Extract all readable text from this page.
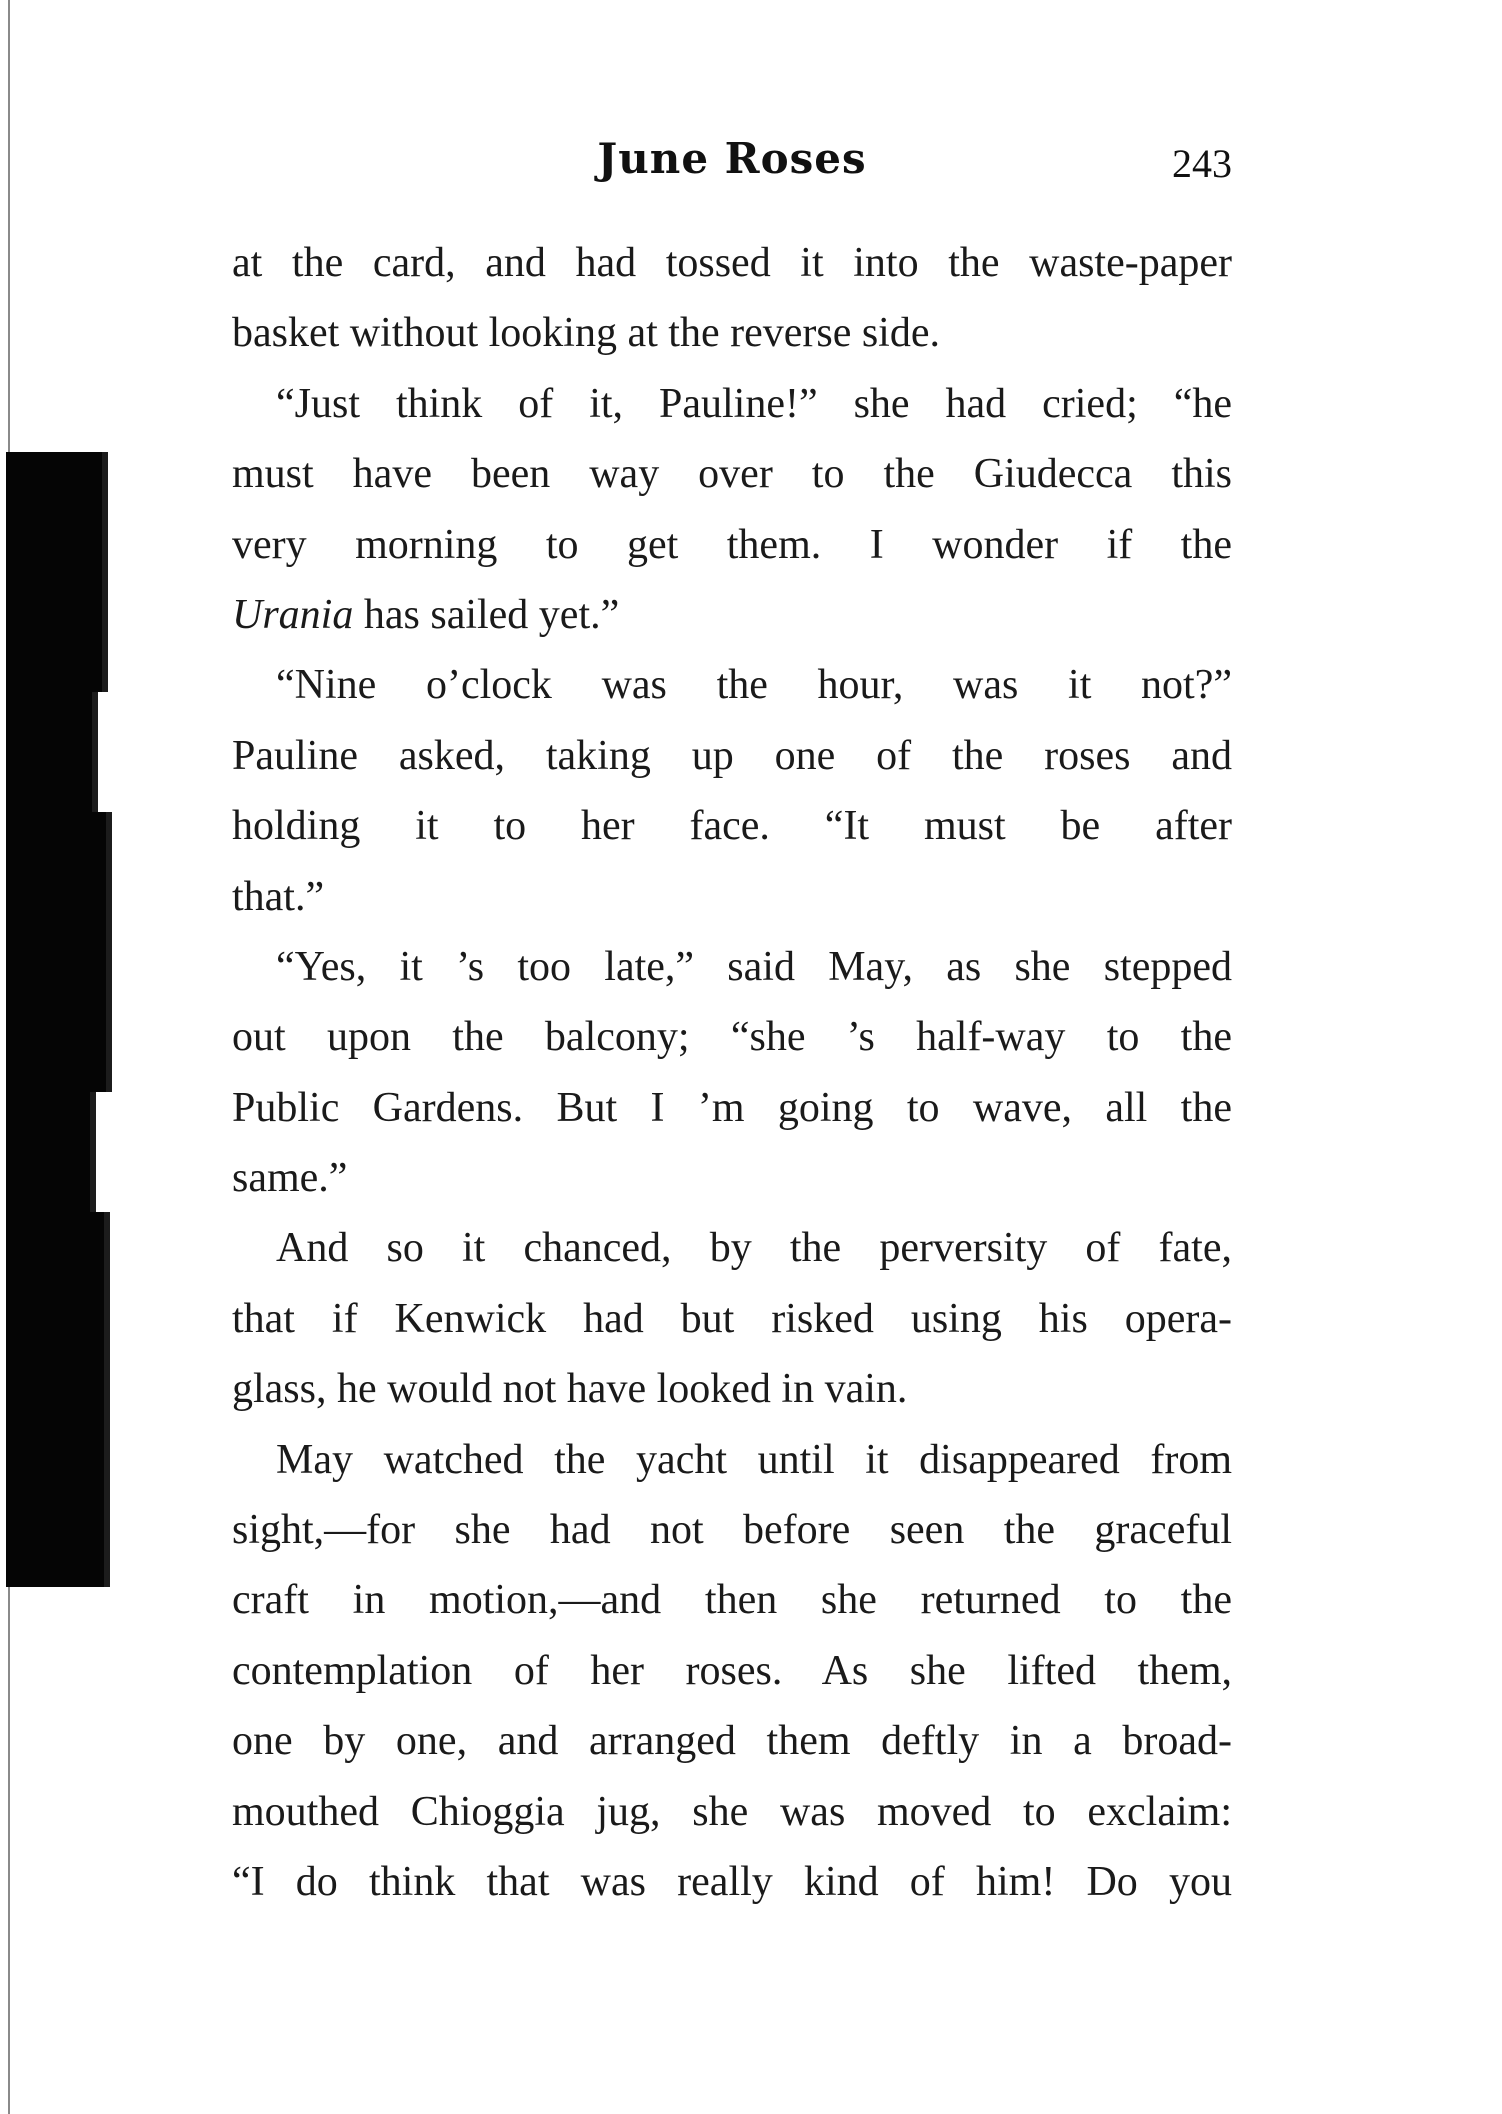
June Roses	243
at the card, and had tossed it into the waste-paper
basket without looking at the reverse side.
“Just think of it, Pauline!” she had cried; “he
must have been way over to the Giudecca this
very morning to get them. I wonder if the
Urania has sailed yet.”
“Nine o’clock was the hour, was it not?”
Pauline asked, taking up one of the roses and
holding it to her face. “It must be after
that.”
“Yes, it ’s too late,” said May, as she stepped
out upon the balcony; “she ’s half-way to the
Public Gardens. But I ’m going to wave, all the
same.”
And so it chanced, by the perversity of fate,
that if Kenwick had but risked using his opera-
glass, he would not have looked in vain.
May watched the yacht until it disappeared from
sight,—for she had not before seen the graceful
craft in motion,—and then she returned to the
contemplation of her roses. As she lifted them,
one by one, and arranged them deftly in a broad-
mouthed Chioggia jug, she was moved to exclaim:
“I do think that was really kind of him! Do you
